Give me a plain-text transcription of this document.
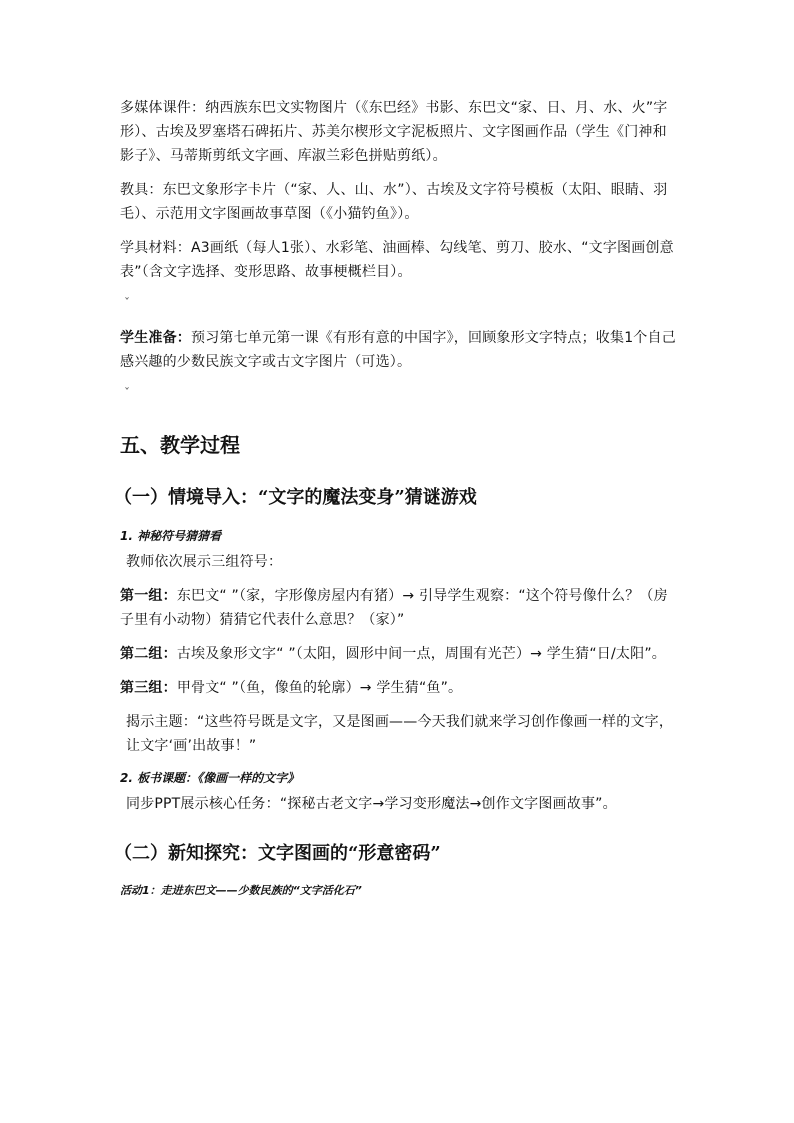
多媒体课件：纳西族东巴文实物图片（《东巴经》书影、东巴文“家、日、月、水、火”字形）、古埃及罗塞塔石碑拓片、苏美尔楔形文字泥板照片、文字图画作品（学生《门神和影子》、马蒂斯剪纸文字画、库淑兰彩色拼贴剪纸）。

教具：东巴文象形字卡片（“家、人、山、水”）、古埃及文字符号模板（太阳、眼睛、羽毛）、示范用文字图画故事草图（《小猫钓鱼》）。

学具材料：A3画纸（每人1张）、水彩笔、油画棒、勾线笔、剪刀、胶水、“文字图画创意表”（含文字选择、变形思路、故事梗概栏目）。

ˇ

学生准备：预习第七单元第一课《有形有意的中国字》，回顾象形文字特点；收集1个自己感兴趣的少数民族文字或古文字图片（可选）。

ˇ
五、教学过程
（一）情境导入：“文字的魔法变身”猜谜游戏
1. 神秘符号猜猜看

教师依次展示三组符号：

第一组：东巴文“ ”（家，字形像房屋内有猪）→ 引导学生观察：“这个符号像什么？（房子里有小动物）猜猜它代表什么意思？（家）”

第二组：古埃及象形文字“ ”（太阳，圆形中间一点，周围有光芒）→ 学生猜“日/太阳”。

第三组：甲骨文“ ”（鱼，像鱼的轮廓）→ 学生猜“鱼”。

揭示主题：“这些符号既是文字，又是图画——今天我们就来学习创作像画一样的文字，让文字‘画’出故事！”

2. 板书课题：《像画一样的文字》

同步PPT展示核心任务：“探秘古老文字→学习变形魔法→创作文字图画故事”。

（二）新知探究：文字图画的“形意密码”
活动1：走进东巴文——少数民族的“文字活化石”
